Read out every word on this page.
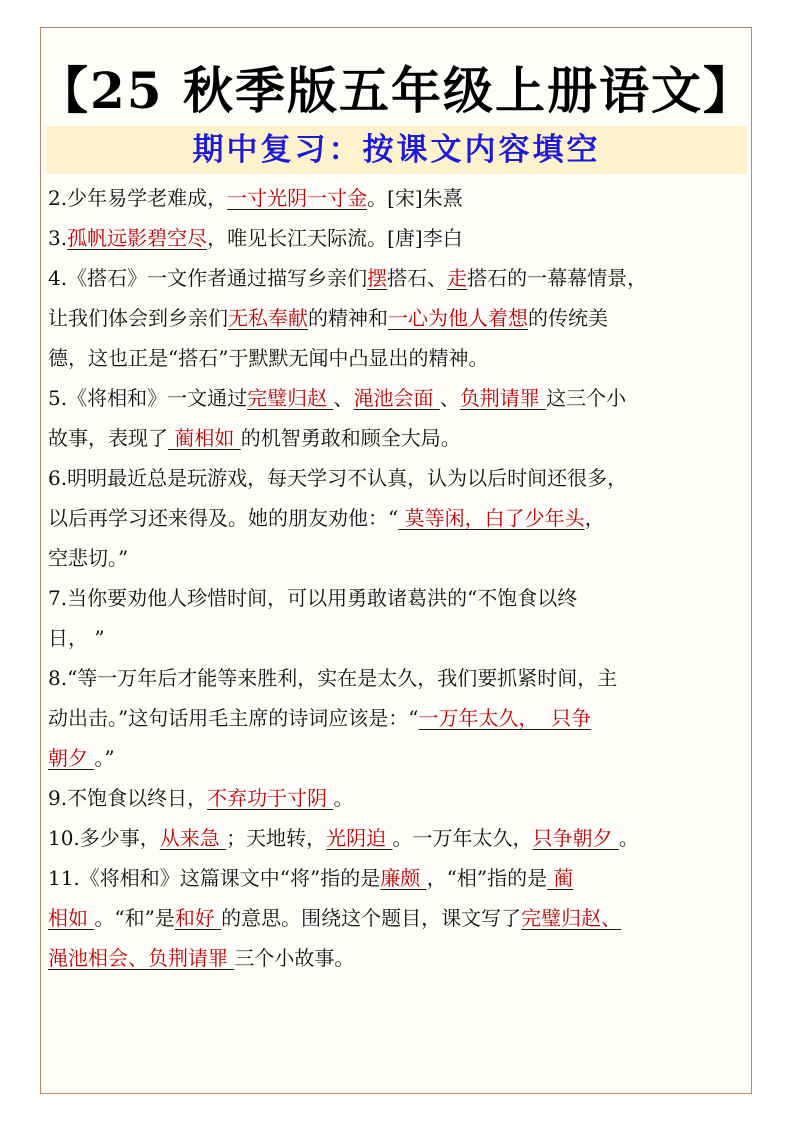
【25 秋季版五年级上册语文】
期中复习：按课文内容填空
2.少年易学老难成，一寸光阴一寸金。[宋]朱熹
3.孤帆远影碧空尽，唯见长江天际流。[唐]李白
4.《搭石》一文作者通过描写乡亲们摆搭石、走搭石的一幕幕情景，
让我们体会到乡亲们无私奉献的精神和一心为他人着想的传统美
德，这也正是“搭石”于默默无闻中凸显出的精神。
5.《将相和》一文通过完璧归赵 、渑池会面 、负荆请罪 这三个小
故事，表现了 蔺相如 的机智勇敢和顾全大局。
6.明明最近总是玩游戏，每天学习不认真，认为以后时间还很多，
以后再学习还来得及。她的朋友劝他：“ 莫等闲，白了少年头，
空悲切。”
7.当你要劝他人珍惜时间，可以用勇敢诸葛洪的“不饱食以终
日， ”
8.“等一万年后才能等来胜利，实在是太久，我们要抓紧时间，主
动出击。”这句话用毛主席的诗词应该是：“一万年太久，  只争
朝夕 。”
9.不饱食以终日，不弃功于寸阴 。
10.多少事，从来急 ；天地转，光阴迫 。一万年太久，只争朝夕 。
11.《将相和》这篇课文中“将”指的是廉颇 ，“相”指的是 蔺
相如 。“和”是和好 的意思。围绕这个题目，课文写了完璧归赵、
渑池相会、负荆请罪 三个小故事。
